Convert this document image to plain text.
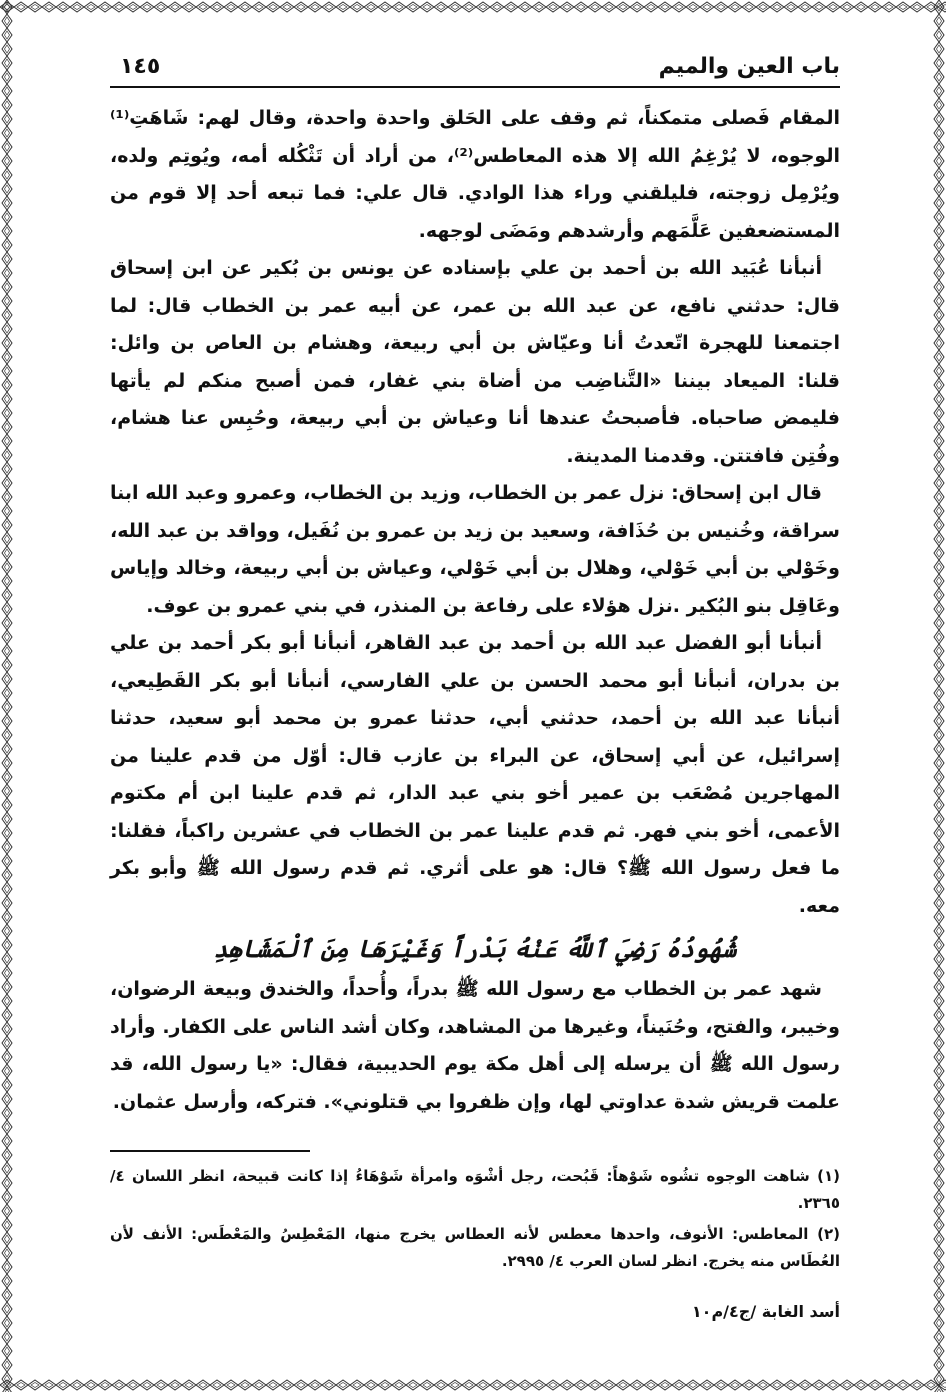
باب العين والميم
١٤٥

المقام فَصلى متمكناً، ثم وقف على الحَلق واحدة واحدة، وقال لهم: شَاهَتِ⁽¹⁾ الوجوه، لا يُرْغِمُ الله إلا هذه المعاطس⁽²⁾، من أراد أن تَثْكُله أمه، ويُوتِم ولده، ويُرْمِل زوجته، فليلقني وراء هذا الوادي. قال علي: فما تبعه أحد إلا قوم من المستضعفين عَلَّمَهم وأرشدهم ومَضَى لوجهه.

أنبأنا عُبَيد الله بن أحمد بن علي بإسناده عن يونس بن بُكير عن ابن إسحاق قال: حدثني نافع، عن عبد الله بن عمر، عن أبيه عمر بن الخطاب قال: لما اجتمعنا للهجرة اتّعدتُ أنا وعيّاش بن أبي ربيعة، وهشام بن العاص بن وائل: قلنا: الميعاد بيننا «التَّناضِب من أضاة بني غفار، فمن أصبح منكم لم يأتها فليمض صاحباه. فأصبحتُ عندها أنا وعياش بن أبي ربيعة، وحُبِس عنا هشام، وفُتِن فافتتن. وقدمنا المدينة.

قال ابن إسحاق: نزل عمر بن الخطاب، وزيد بن الخطاب، وعمرو وعبد الله ابنا سراقة، وخُنيس بن حُذَافة، وسعيد بن زيد بن عمرو بن نُفَيل، وواقد بن عبد الله، وخَوْلي بن أبي خَوْلي، وهلال بن أبي خَوْلي، وعياش بن أبي ربيعة، وخالد وإياس وعَاقِل بنو البُكير .نزل هؤلاء على رفاعة بن المنذر، في بني عمرو بن عوف.

أنبأنا أبو الفضل عبد الله بن أحمد بن عبد القاهر، أنبأنا أبو بكر أحمد بن علي بن بدران، أنبأنا أبو محمد الحسن بن علي الفارسي، أنبأنا أبو بكر القَطِيعي، أنبأنا عبد الله بن أحمد، حدثني أبي، حدثنا عمرو بن محمد أبو سعيد، حدثنا إسرائيل، عن أبي إسحاق، عن البراء بن عازب قال: أوّل من قدم علينا من المهاجرين مُصْعَب بن عمير أخو بني عبد الدار، ثم قدم علينا ابن أم مكتوم الأعمى، أخو بني فهر. ثم قدم علينا عمر بن الخطاب في عشرين راكباً، فقلنا: ما فعل رسول الله ﷺ؟ قال: هو على أثري. ثم قدم رسول الله ﷺ وأبو بكر معه.

شُهُودُهُ رَضِيَ ٱللَّهُ عَنْهُ بَدْراً وَغَيْرَهَا مِنَ ٱلْمَشَاهِدِ

شهد عمر بن الخطاب مع رسول الله ﷺ بدراً، وأُحداً، والخندق وبيعة الرضوان، وخيبر، والفتح، وحُنَيناً، وغيرها من المشاهد، وكان أشد الناس على الكفار. وأراد رسول الله ﷺ أن يرسله إلى أهل مكة يوم الحديبية، فقال: «يا رسول الله، قد علمت قريش شدة عداوتي لها، وإن ظفروا بي قتلوني». فتركه، وأرسل عثمان.

(١) شاهت الوجوه تشُوه شَوْهاً: قَبُحت، رجل أشْوَه وامرأة شَوْهَاءُ إذا كانت قبيحة، انظر اللسان ٤/ ٢٣٦٥.

(٢) المعاطس: الأنوف، واحدها معطس لأنه العطاس يخرج منها، المَعْطِسُ والمَعْطَس: الأنف لأن العُطَاس منه يخرج. انظر لسان العرب ٤/ ٢٩٩٥.

أسد الغابة /ج٤/م١٠
